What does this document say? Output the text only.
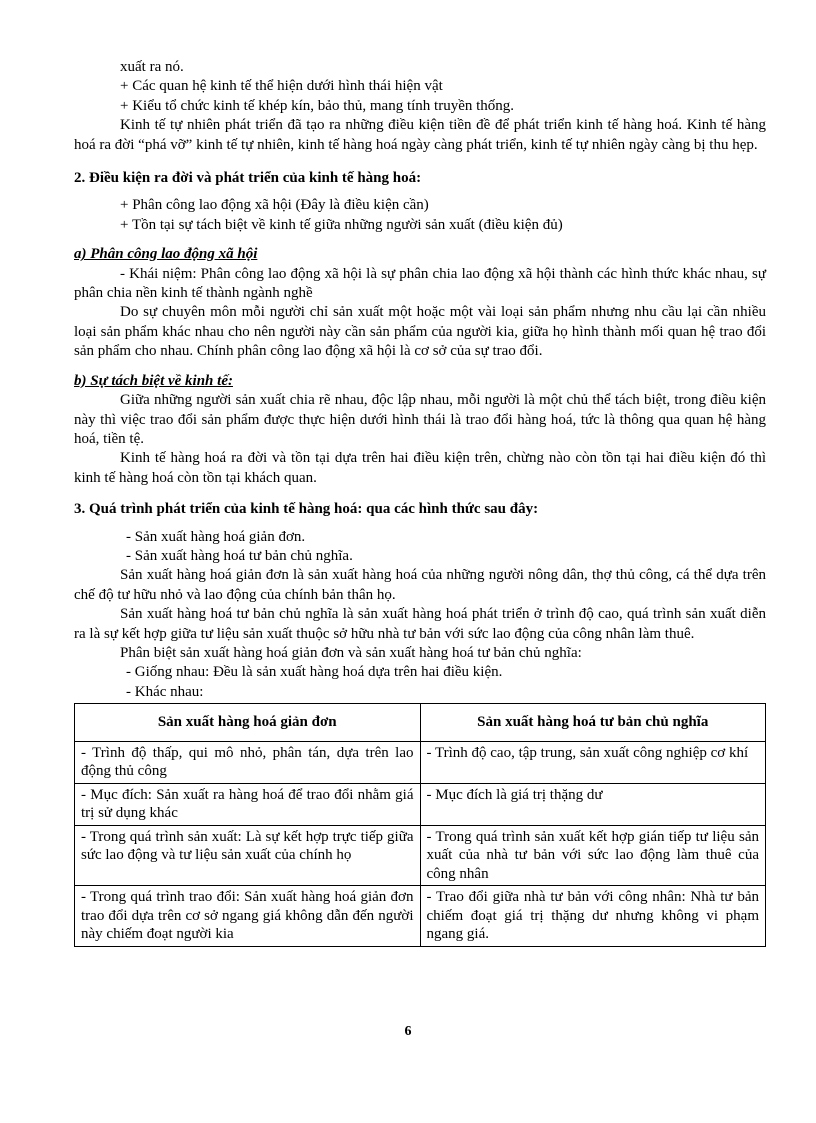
xuất ra nó.

+ Các quan hệ kinh tế thể hiện dưới hình thái hiện vật

+ Kiểu tổ chức kinh tế khép kín, bảo thủ, mang tính truyền thống.

Kinh tế tự nhiên phát triển đã tạo ra những điều kiện tiền đề để phát triển kinh tế hàng hoá. Kinh tế hàng hoá ra đời “phá vỡ” kinh tế tự nhiên, kinh tế hàng hoá ngày càng phát triển, kinh tế tự nhiên ngày càng bị thu hẹp.

2. Điều kiện ra đời và phát triển của kinh tế hàng hoá:

+ Phân công lao động xã hội (Đây là điều kiện cần)

+ Tồn tại sự tách biệt về kinh tế giữa những người sản xuất (điều kiện đủ)

a) Phân công lao động xã hội

- Khái niệm: Phân công lao động xã hội là sự phân chia lao động xã hội thành các hình thức khác nhau, sự phân chia nền kinh tế thành ngành nghề

Do sự chuyên môn mỗi người chỉ sản xuất một hoặc một vài loại sản phẩm nhưng nhu cầu lại cần nhiều loại sản phẩm khác nhau cho nên người này cần sản phẩm của người kia, giữa họ hình thành mối quan hệ trao đổi sản phẩm cho nhau. Chính phân công lao động xã hội là cơ sở của sự trao đổi.

b) Sự tách biệt về kinh tế:

Giữa những người sản xuất chia rẽ nhau, độc lập nhau, mỗi người là một chủ thể tách biệt, trong điều kiện này thì việc trao đổi sản phẩm được thực hiện dưới hình thái là trao đổi hàng hoá, tức là thông qua quan hệ hàng hoá, tiền tệ.

Kinh tế hàng hoá ra đời và tồn tại dựa trên hai điều kiện trên, chừng nào còn tồn tại hai điều kiện đó thì kinh tế hàng hoá còn tồn tại khách quan.

3. Quá trình phát triển của kinh tế hàng hoá: qua các hình thức sau đây:

- Sản xuất hàng hoá giản đơn.

- Sản xuất hàng hoá tư bản chủ nghĩa.

Sản xuất hàng hoá giản đơn là sản xuất hàng hoá của những người nông dân, thợ thủ công, cá thể dựa trên chế độ tư hữu nhỏ và lao động của chính bản thân họ.

Sản xuất hàng hoá tư bản chủ nghĩa là sản xuất hàng hoá phát triển ở trình độ cao, quá trình sản xuất diễn ra là sự kết hợp giữa tư liệu sản xuất thuộc sở hữu nhà tư bản với sức lao động của công nhân làm thuê.

Phân biệt sản xuất hàng hoá giản đơn và sản xuất hàng hoá tư bản chủ nghĩa:

- Giống nhau: Đều là sản xuất hàng hoá dựa trên hai điều kiện.

- Khác nhau:

Sản xuất hàng hoá giản đơn	Sản xuất hàng hoá tư bản chủ nghĩa
- Trình độ thấp, qui mô nhỏ, phân tán, dựa trên lao động thủ công	- Trình độ cao, tập trung, sản xuất công nghiệp cơ khí
- Mục đích: Sản xuất ra hàng hoá để trao đổi nhằm giá trị sử dụng khác	- Mục đích là giá trị thặng dư
- Trong quá trình sản xuất: Là sự kết hợp trực tiếp giữa sức lao động và tư liệu sản xuất của chính họ	- Trong quá trình sản xuất kết hợp gián tiếp tư liệu sản xuất của nhà tư bản với sức lao động làm thuê của công nhân
- Trong quá trình trao đổi: Sản xuất hàng hoá giản đơn trao đổi dựa trên cơ sở ngang giá không dẫn đến người này chiếm đoạt người kia	- Trao đổi giữa nhà tư bản với công nhân: Nhà tư bản chiếm đoạt giá trị thặng dư nhưng không vi phạm ngang giá.
6
